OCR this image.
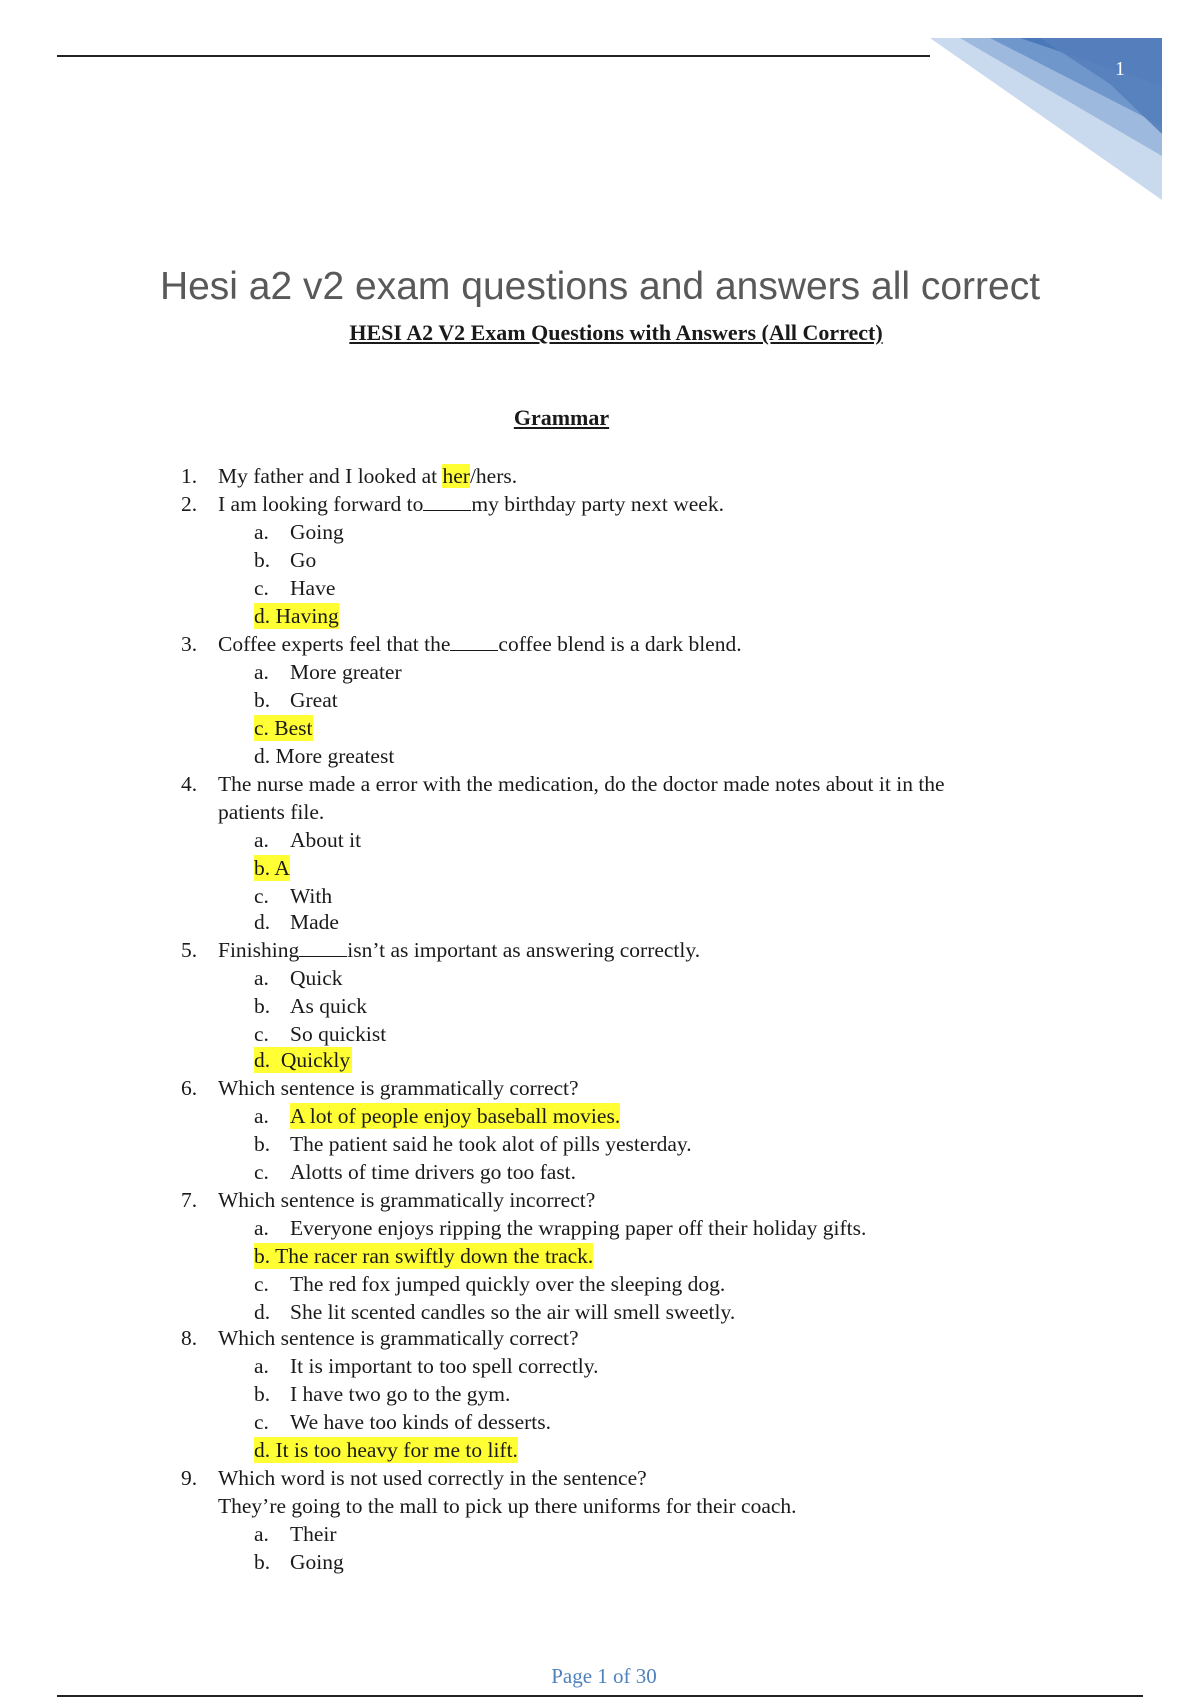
1
Hesi a2 v2 exam questions and answers all correct
HESI A2 V2 Exam Questions with Answers (All Correct)
Grammar
1. My father and I looked at her/hers.
2. I am looking forward to my birthday party next week.
a. Going
b. Go
c. Have
d. Having
3. Coffee experts feel that the coffee blend is a dark blend.
a. More greater
b. Great
c. Best
d. More greatest
4. The nurse made a error with the medication, do the doctor made notes about it in the
patients file.
a. About it
b. A
c. With
d. Made
5. Finishing isn’t as important as answering correctly.
a. Quick
b. As quick
c. So quickist
d. Quickly
6. Which sentence is grammatically correct?
a. A lot of people enjoy baseball movies.
b. The patient said he took alot of pills yesterday.
c. Alotts of time drivers go too fast.
7. Which sentence is grammatically incorrect?
a. Everyone enjoys ripping the wrapping paper off their holiday gifts.
b. The racer ran swiftly down the track.
c. The red fox jumped quickly over the sleeping dog.
d. She lit scented candles so the air will smell sweetly.
8. Which sentence is grammatically correct?
a. It is important to too spell correctly.
b. I have two go to the gym.
c. We have too kinds of desserts.
d. It is too heavy for me to lift.
9. Which word is not used correctly in the sentence?
They’re going to the mall to pick up there uniforms for their coach.
a. Their
b. Going
Page 1 of 30
